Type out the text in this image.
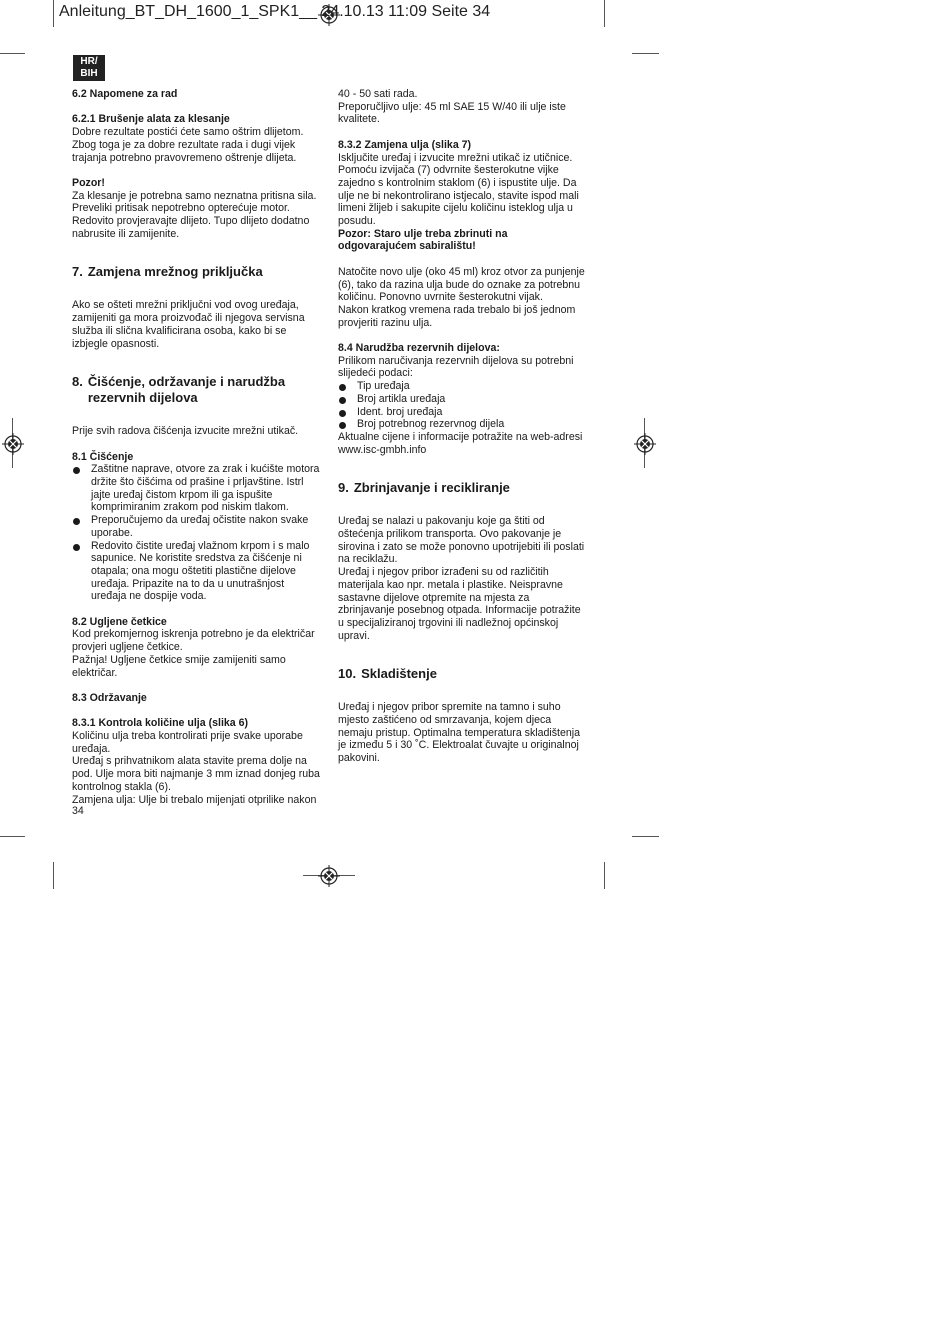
Anleitung_BT_DH_1600_1_SPK1__ 24.10.13 11:09 Seite 34
HR/
BIH

6.2 Napomene za rad

6.2.1 Brušenje alata za klesanje

Dobre rezultate postići ćete samo oštrim dlijetom. Zbog toga je za dobre rezultate rada i dugi vijek trajanja potrebno pravovremeno oštrenje dlijeta.

Pozor!

Za klesanje je potrebna samo neznatna pritisna sila. Preveliki pritisak nepotrebno opterećuje motor. Redovito provjeravajte dlijeto. Tupo dlijeto dodatno nabrusite ili zamijenite.

7. Zamjena mrežnog priključka

Ako se ošteti mrežni priključni vod ovog uređaja, zamijeniti ga mora proizvođač ili njegova servisna služba ili slična kvalificirana osoba, kako bi se izbjegle opasnosti.

8. Čišćenje, održavanje i narudžba rezervnih dijelova

Prije svih radova čišćenja izvucite mrežni utikač.

8.1 Čišćenje

Zaštitne naprave, otvore za zrak i kućište motora držite što čišćima od prašine i prljavštine. Istrl jajte uređaj čistom krpom ili ga ispušite komprimiranim zrakom pod niskim tlakom.
Preporučujemo da uređaj očistite nakon svake uporabe.
Redovito čistite uređaj vlažnom krpom i s malo sapunice. Ne koristite sredstva za čišćenje ni otapala; ona mogu oštetiti plastične dijelove uređaja. Pripazite na to da u unutrašnjost uređaja ne dospije voda.

8.2 Ugljene četkice

Kod prekomjernog iskrenja potrebno je da električar provjeri ugljene četkice.

Pažnja! Ugljene četkice smije zamijeniti samo električar.

8.3 Održavanje

8.3.1 Kontrola količine ulja (slika 6)

Količinu ulja treba kontrolirati prije svake uporabe uređaja.

Uređaj s prihvatnikom alata stavite prema dolje na pod. Ulje mora biti najmanje 3 mm iznad donjeg ruba kontrolnog stakla (6).

Zamjena ulja: Ulje bi trebalo mijenjati otprilike nakon

40 - 50 sati rada.

Preporučljivo ulje: 45 ml SAE 15 W/40 ili ulje iste kvalitete.

8.3.2 Zamjena ulja (slika 7)

Isključite uređaj i izvucite mrežni utikač iz utičnice. Pomoću izvijača (7) odvrnite šesterokutne vijke zajedno s kontrolnim staklom (6) i ispustite ulje. Da ulje ne bi nekontrolirano istjecalo, stavite ispod mali limeni žlijeb i sakupite cijelu količinu isteklog ulja u posudu.

Pozor: Staro ulje treba zbrinuti na odgovarajućem sabiralištu!

Natočite novo ulje (oko 45 ml) kroz otvor za punjenje (6), tako da razina ulja bude do oznake za potrebnu količinu. Ponovno uvrnite šesterokutni vijak.

Nakon kratkog vremena rada trebalo bi još jednom provjeriti razinu ulja.

8.4 Narudžba rezervnih dijelova:

Prilikom naručivanja rezervnih dijelova su potrebni slijedeći podaci:

Tip uređaja
Broj artikla uređaja
Ident. broj uređaja
Broj potrebnog rezervnog dijela

Aktualne cijene i informacije potražite na web-adresi www.isc-gmbh.info

9. Zbrinjavanje i recikliranje

Uređaj se nalazi u pakovanju koje ga štiti od oštećenja prilikom transporta. Ovo pakovanje je sirovina i zato se može ponovno upotrijebiti ili poslati na reciklažu.

Uređaj i njegov pribor izrađeni su od različitih materijala kao npr. metala i plastike. Neispravne sastavne dijelove otpremite na mjesta za zbrinjavanje posebnog otpada. Informacije potražite u specijaliziranoj trgovini ili nadležnoj općinskoj upravi.

10. Skladištenje

Uređaj i njegov pribor spremite na tamno i suho mjesto zaštićeno od smrzavanja, kojem djeca nemaju pristup. Optimalna temperatura skladištenja je između 5 i 30 ˚C. Elektroalat čuvajte u originalnoj pakovini.

34
